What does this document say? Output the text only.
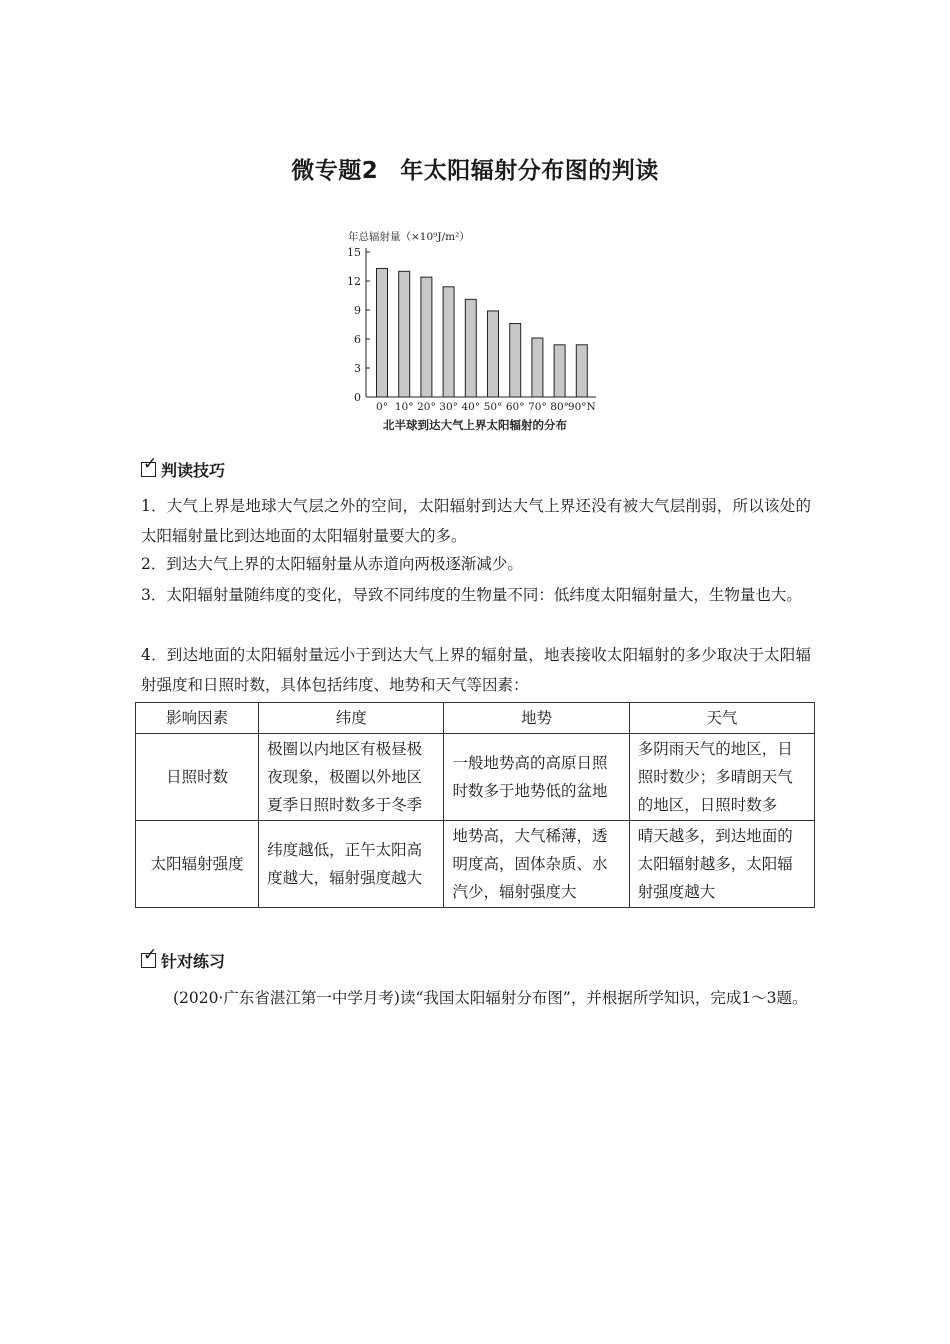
微专题2 年太阳辐射分布图的判读
年总辐射量（×10⁹J/m²）
0
3
6
9
12
15
0° 10° 20° 30° 40° 50° 60° 70° 80°
90°N
北半球到达大气上界太阳辐射的分布
✓ 判读技巧
1．大气上界是地球大气层之外的空间，太阳辐射到达大气上界还没有被大气层削弱，所以该处的太阳辐射量比到达地面的太阳辐射量要大的多。
2．到达大气上界的太阳辐射量从赤道向两极逐渐减少。
3．太阳辐射量随纬度的变化，导致不同纬度的生物量不同：低纬度太阳辐射量大，生物量也大。
4．到达地面的太阳辐射量远小于到达大气上界的辐射量，地表接收太阳辐射的多少取决于太阳辐射强度和日照时数，具体包括纬度、地势和天气等因素：
影响因素	纬度	地势	天气
日照时数	极圈以内地区有极昼极夜现象，极圈以外地区夏季日照时数多于冬季	一般地势高的高原日照时数多于地势低的盆地	多阴雨天气的地区，日照时数少；多晴朗天气的地区，日照时数多
太阳辐射强度	纬度越低，正午太阳高度越大，辐射强度越大	地势高，大气稀薄，透明度高，固体杂质、水汽少，辐射强度大	晴天越多，到达地面的太阳辐射越多，太阳辐射强度越大
✓ 针对练习
(2020·广东省湛江第一中学月考)读“我国太阳辐射分布图”，并根据所学知识，完成1～3题。
